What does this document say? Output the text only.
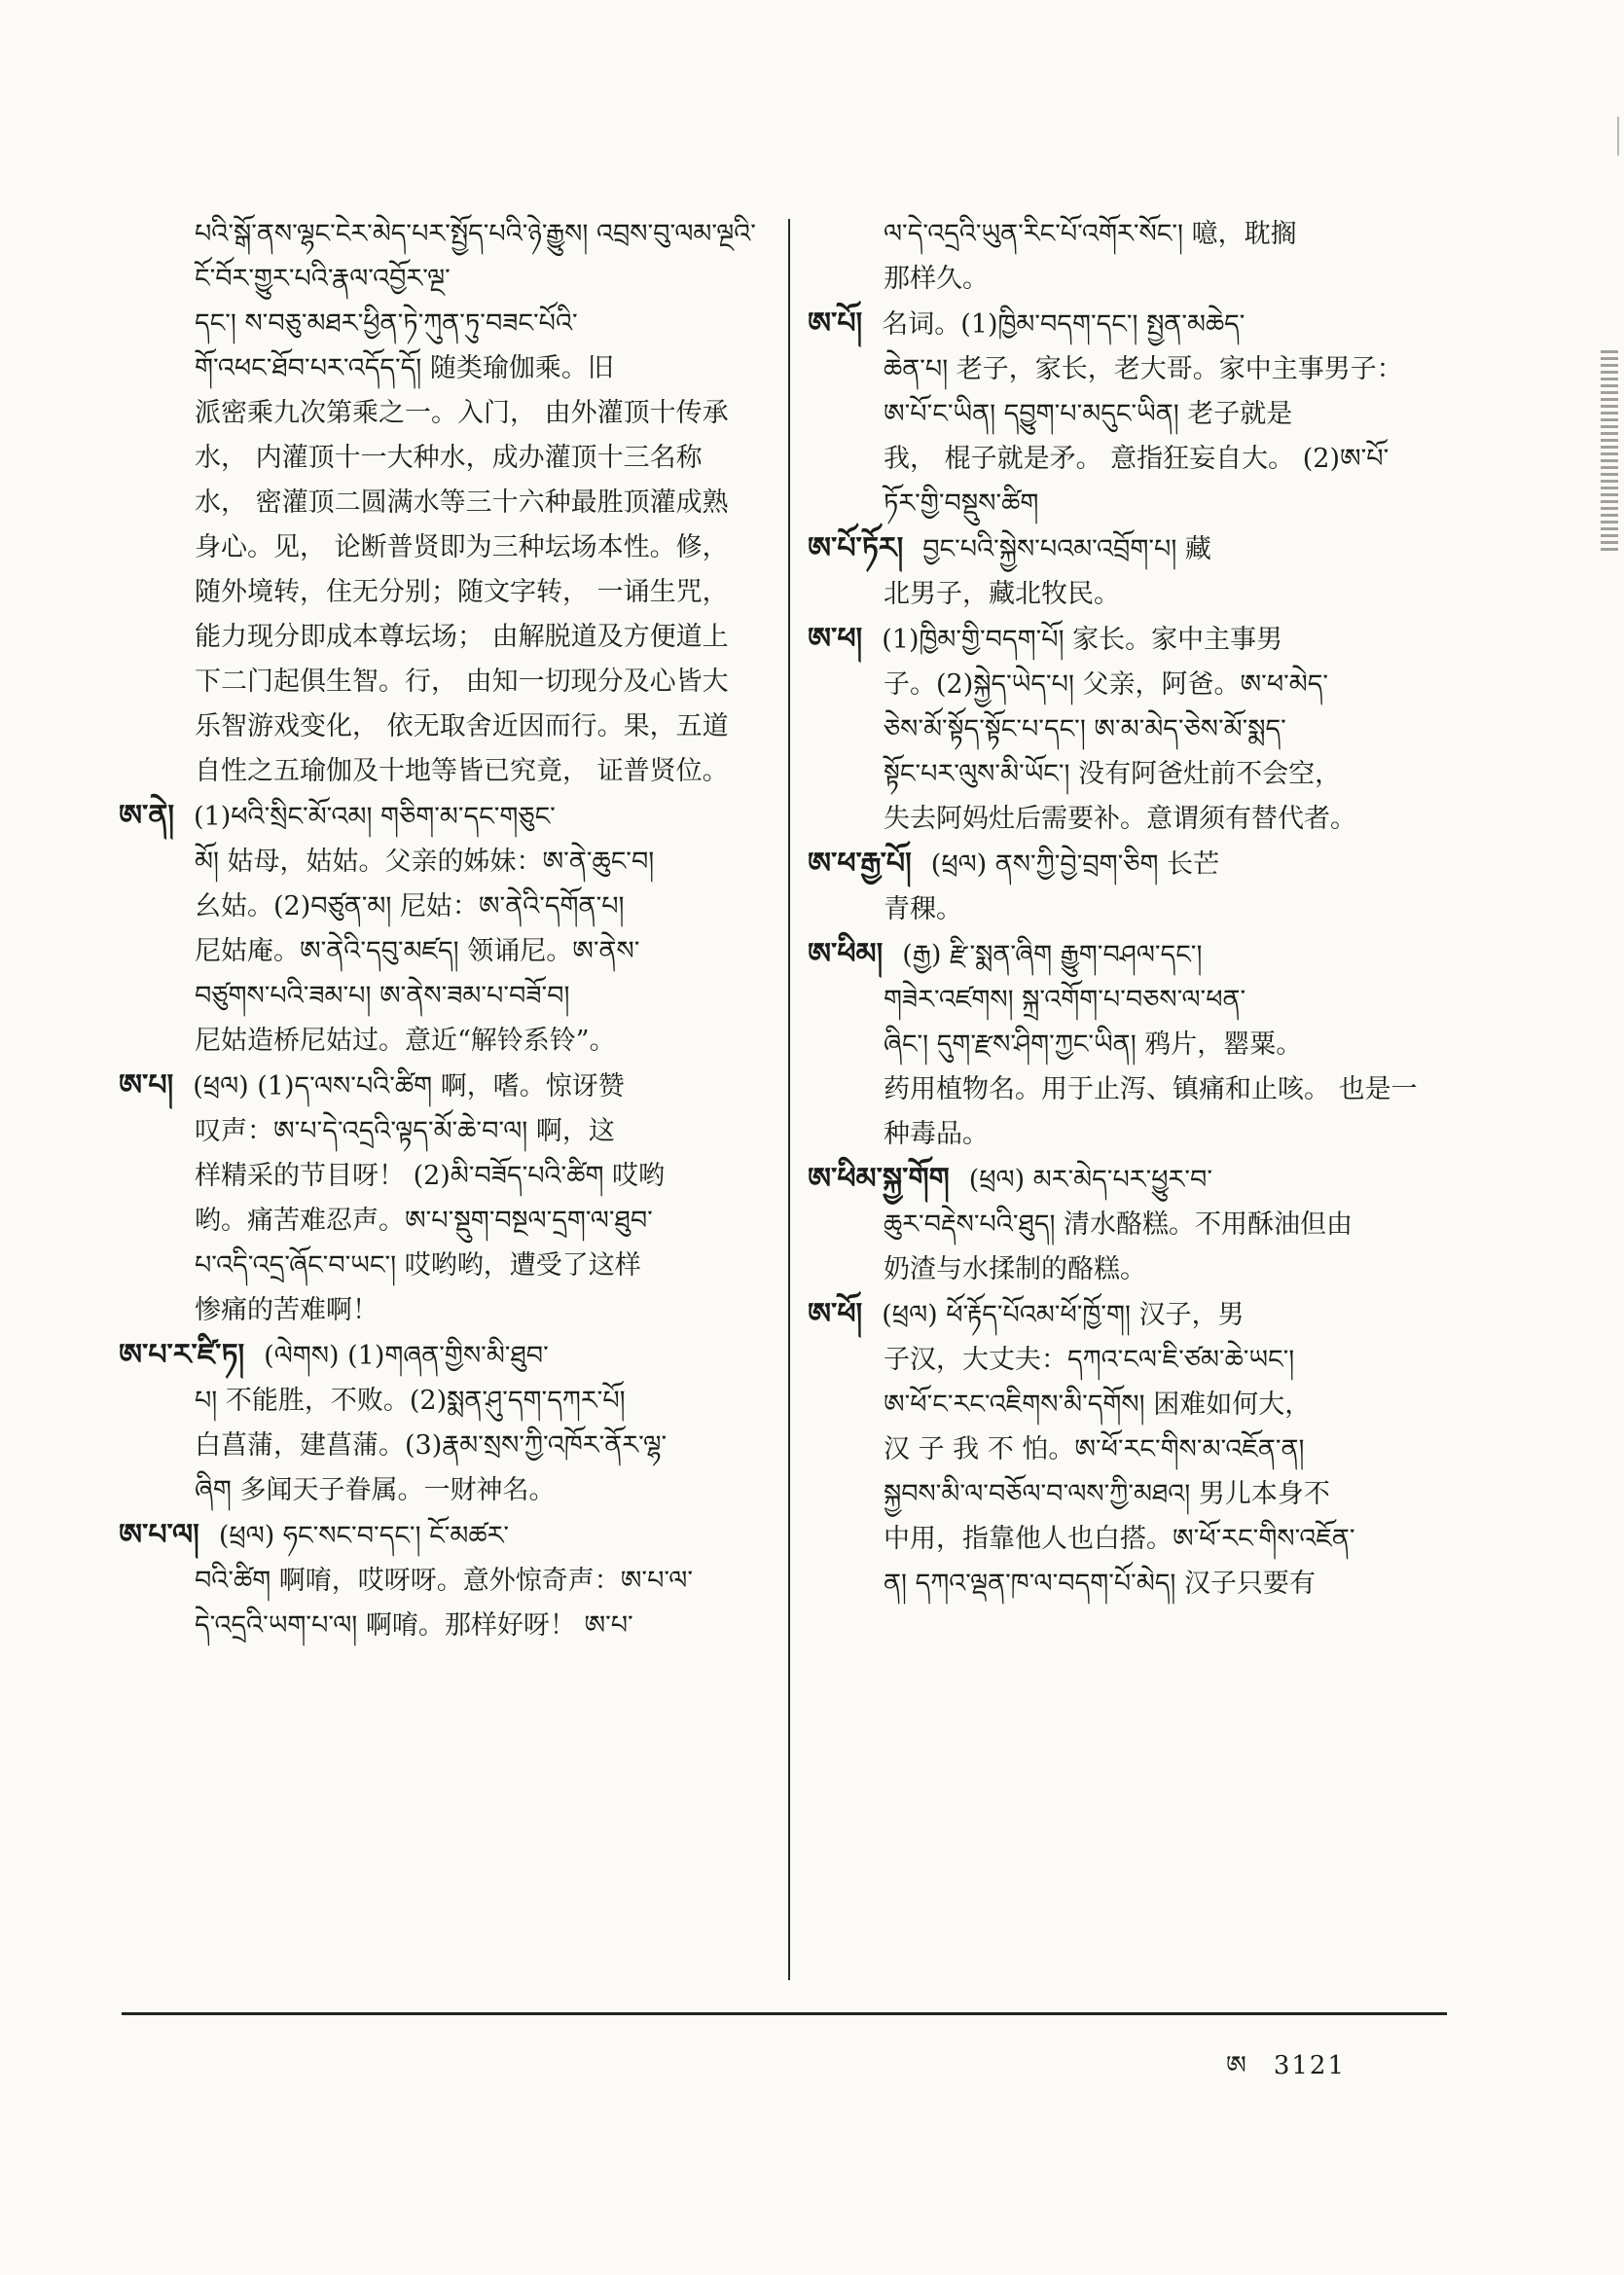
པའི་སྒོ་ནས་ལྷང་ངེར་མེད་པར་སྤྱོད་པའི་ཉེ་རྒྱུས། འབྲས་བུ་ལམ་ལྔའི་ངོ་བོར་གྱུར་པའི་རྣལ་འབྱོར་ལྔ་

དང་། ས་བཅུ་མཐར་ཕྱིན་ཏེ་ཀུན་ཏུ་བཟང་པོའི་

གོ་འཕང་ཐོབ་པར་འདོད་དོ། 随类瑜伽乘。旧

派密乘九次第乘之一。入门， 由外灌顶十传承

水， 内灌顶十一大种水，成办灌顶十三名称

水， 密灌顶二圆满水等三十六种最胜顶灌成熟

身心。见， 论断普贤即为三种坛场本性。修，

随外境转，住无分别；随文字转， 一诵生咒，

能力现分即成本尊坛场； 由解脱道及方便道上

下二门起俱生智。行， 由知一切现分及心皆大

乐智游戏变化， 依无取舍近因而行。果，五道

自性之五瑜伽及十地等皆已究竟， 证普贤位。

ཨ་ནེ། (1)ཕའི་སྲིང་མོ་འམ། གཅིག་མ་དང་གཅུང་

མོ། 姑母，姑姑。父亲的姊妹：ཨ་ནེ་ཆུང་བ།

幺姑。(2)བཙུན་མ། 尼姑：ཨ་ནེའི་དགོན་པ།

尼姑庵。ཨ་ནེའི་དབུ་མཛད། 领诵尼。ཨ་ནེས་

བཙུགས་པའི་ཟམ་པ། ཨ་ནེས་ཟམ་པ་བཟོ་བ།

尼姑造桥尼姑过。意近“解铃系铃”。

ཨ་པ། (ཕྲལ) (1)ད་ལས་པའི་ཚིག 啊，嗜。惊讶赞

叹声：ཨ་པ་དེ་འདྲའི་ལྟད་མོ་ཆེ་བ་ལ། 啊，这

样精采的节目呀！ (2)མི་བཟོད་པའི་ཚིག 哎哟

哟。痛苦难忍声。ཨ་པ་སྡུག་བསྔལ་དྲག་ལ་ཐུབ་

པ་འདི་འདྲ་ཞོང་བ་ཡང་། 哎哟哟，遭受了这样

惨痛的苦难啊！

ཨ་པ་ར་ཛི་ཏ། (ལེགས) (1)གཞན་གྱིས་མི་ཐུབ་

པ། 不能胜，不败。(2)སྨན་ཤུ་དག་དཀར་པོ།

白菖蒲，建菖蒲。(3)རྣམ་སྲས་ཀྱི་འཁོར་ནོར་ལྷ་

ཞིག 多闻天子眷属。一财神名。

ཨ་པ་ལ། (ཕྲལ) ཧང་སང་བ་དང་། ངོ་མཚར་

བའི་ཚིག 啊唷，哎呀呀。意外惊奇声：ཨ་པ་ལ་

དེ་འདྲའི་ཡག་པ་ལ། 啊唷。那样好呀！ ཨ་པ་

ལ་དེ་འདྲའི་ཡུན་རིང་པོ་འགོར་སོང་། 噫，耽搁

那样久。

ཨ་པོ། 名词。(1)ཁྱིམ་བདག་དང་། སྤྱན་མཆེད་

ཆེན་པ། 老子，家长，老大哥。家中主事男子：

ཨ་པོ་ང་ཡིན། དབྱུག་པ་མདུང་ཡིན། 老子就是

我， 棍子就是矛。 意指狂妄自大。 (2)ཨ་པོ་

ཏོར་གྱི་བསྡུས་ཚིག

ཨ་པོ་ཏོར། བྱང་པའི་སྐྱེས་པའམ་འབྲོག་པ། 藏

北男子，藏北牧民。

ཨ་ཕ། (1)ཁྱིམ་གྱི་བདག་པོ། 家长。家中主事男

子。(2)སྐྱེད་ཡེད་པ། 父亲，阿爸。ཨ་ཕ་མེད་

ཅེས་མོ་སྟོད་སྟོང་པ་དང་། ཨ་མ་མེད་ཅེས་མོ་སྨད་

སྟོང་པར་ལུས་མི་ཡོང་། 没有阿爸灶前不会空，

失去阿妈灶后需要补。意谓须有替代者。

ཨ་ཕ་རྒྱ་པོ། (ཕྲལ) ནས་ཀྱི་བྱེ་བྲག་ཅིག 长芒

青稞。

ཨ་ཕིམ། (རྒྱ) རྫི་སྨན་ཞིག རྒྱུག་བཤལ་དང་།

གཟེར་འཛགས། སྐྲ་འགོག་པ་བཅས་ལ་ཕན་

ཞིང་། དུག་རྫས་ཤིག་ཀྱང་ཡིན། 鸦片，罂粟。

药用植物名。用于止泻、镇痛和止咳。 也是一

种毒品。

ཨ་ཕིམ་སྐྱ་གོག (ཕྲལ) མར་མེད་པར་ཕྱུར་བ་

ཆུར་བརྡེས་པའི་ཐུད། 清水酪糕。不用酥油但由

奶渣与水揉制的酪糕。

ཨ་ཕོ། (ཕྲལ) ཕོ་རྟོད་པོའམ་ཕོ་ཁྱོ་ག། 汉子，男

子汉，大丈夫：དཀའ་ངལ་ཇི་ཙམ་ཆེ་ཡང་།

ཨ་ཕོ་ང་རང་འཇིགས་མི་དགོས། 困难如何大，

汉 子 我 不 怕。ཨ་ཕོ་རང་གིས་མ་འཇོན་ན།

སྐྱབས་མི་ལ་བཅོལ་བ་ལས་ཀྱི་མཐའ། 男儿本身不

中用，指靠他人也白搭。ཨ་ཕོ་རང་གིས་འཇོན་

ན། དཀའ་ལྡན་ཁ་ལ་བདག་པོ་མེད། 汉子只要有

ཨ 3121
